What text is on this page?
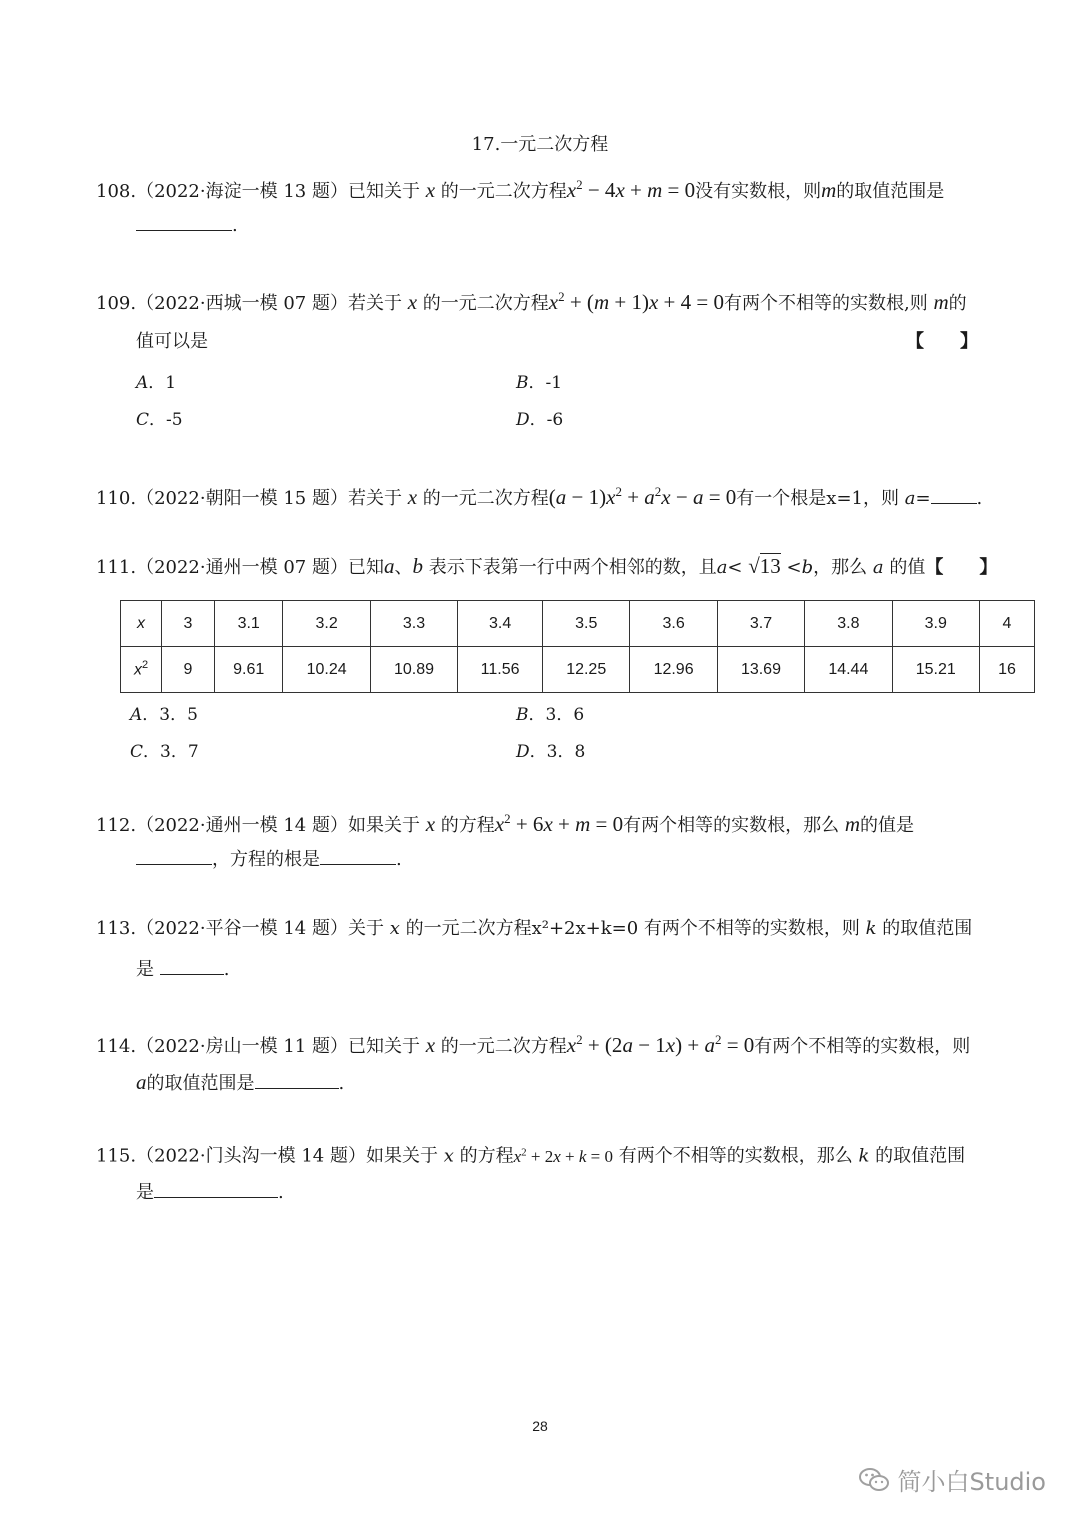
17.一元二次方程
108.（2022·海淀一模 13 题）已知关于 x 的一元二次方程$x^2 - 4x + m = 0$没有实数根，则m的取值范围是
.
109.（2022·西城一模 07 题）若关于 x 的一元二次方程$x^2 + (m + 1)x + 4 = 0$有两个不相等的实数根,则 m的
值可以是	【　　】
A．1	B．-1
C．-5	D．-6
110.（2022·朝阳一模 15 题）若关于 x 的一元二次方程$(a - 1)x^2 + a^2x - a = 0$有一个根是x=1，则 a=	.
111.（2022·通州一模 07 题）已知a、b 表示下表第一行中两个相邻的数，且a< √13 <b，那么 a 的值【　　】
x	3	3.1	3.2	3.3	3.4	3.5	3.6	3.7	3.8	3.9	4
$x^2$	9	9.61	10.24	10.89	11.56	12.25	12.96	13.69	14.44	15.21	16
A．3．5	B．3．6
C．3．7	D．3．8
112.（2022·通州一模 14 题）如果关于 x 的方程$x^2 + 6x + m = 0$有两个相等的实数根，那么 m的值是
，方程的根是	.
113.（2022·平谷一模 14 题）关于 x 的一元二次方程x²+2x+k=0 有两个不相等的实数根，则 k 的取值范围
是	.
114.（2022·房山一模 11 题）已知关于 x 的一元二次方程$x^2 + (2a - 1x) + a^2 = 0$有两个不相等的实数根，则
a的取值范围是	.
115.（2022·门头沟一模 14 题）如果关于 x 的方程$x^2 + 2x + k = 0$ 有两个不相等的实数根，那么 k 的取值范围
是	.
28
简小白Studio
